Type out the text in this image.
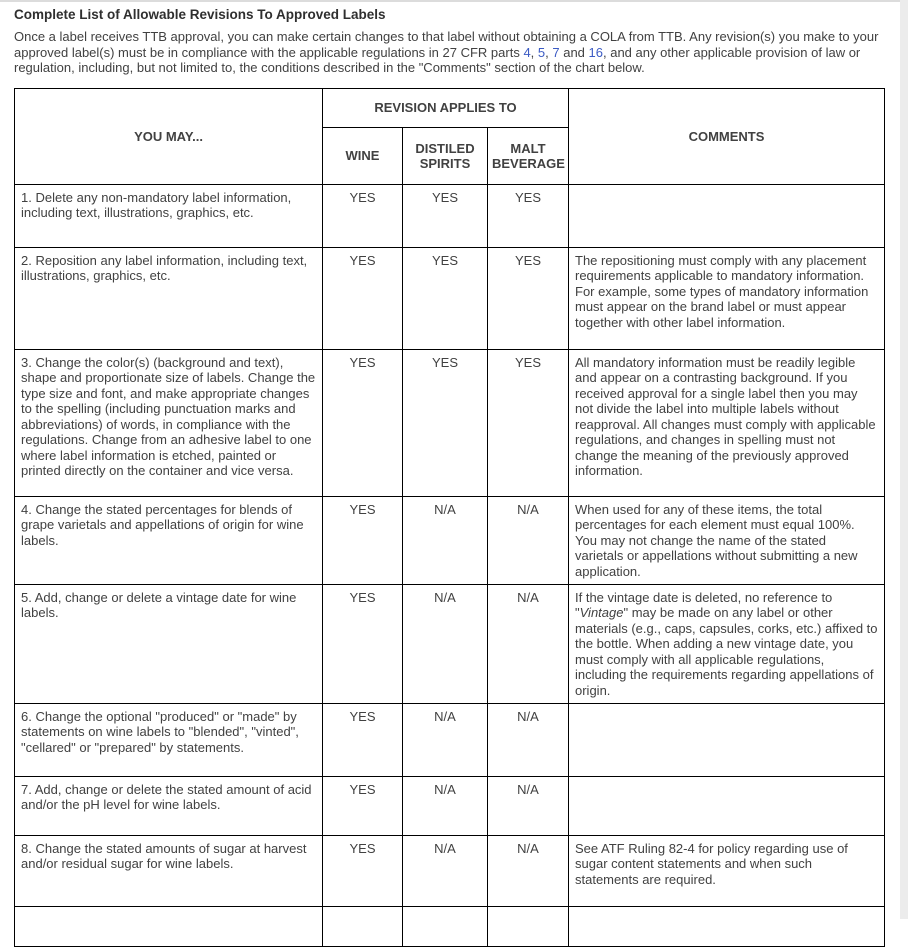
Complete List of Allowable Revisions To Approved Labels

Once a label receives TTB approval, you can make certain changes to that label without obtaining a COLA from TTB. Any revision(s) you make to your approved label(s) must be in compliance with the applicable regulations in 27 CFR parts 4, 5, 7 and 16, and any other applicable provision of law or regulation, including, but not limited to, the conditions described in the "Comments" section of the chart below.

YOU MAY...	REVISION APPLIES TO			COMMENTS
	WINE	DISTILED SPIRITS	MALT BEVERAGE	
1. Delete any non-mandatory label information, including text, illustrations, graphics, etc.	YES	YES	YES	
2. Reposition any label information, including text, illustrations, graphics, etc.	YES	YES	YES	The repositioning must comply with any placement requirements applicable to mandatory information. For example, some types of mandatory information must appear on the brand label or must appear together with other label information.
3. Change the color(s) (background and text), shape and proportionate size of labels. Change the type size and font, and make appropriate changes to the spelling (including punctuation marks and abbreviations) of words, in compliance with the regulations. Change from an adhesive label to one where label information is etched, painted or printed directly on the container and vice versa.	YES	YES	YES	All mandatory information must be readily legible and appear on a contrasting background. If you received approval for a single label then you may not divide the label into multiple labels without reapproval. All changes must comply with applicable regulations, and changes in spelling must not change the meaning of the previously approved information.
4. Change the stated percentages for blends of grape varietals and appellations of origin for wine labels.	YES	N/A	N/A	When used for any of these items, the total percentages for each element must equal 100%. You may not change the name of the stated varietals or appellations without submitting a new application.
5. Add, change or delete a vintage date for wine labels.	YES	N/A	N/A	If the vintage date is deleted, no reference to "Vintage" may be made on any label or other materials (e.g., caps, capsules, corks, etc.) affixed to the bottle. When adding a new vintage date, you must comply with all applicable regulations, including the requirements regarding appellations of origin.
6. Change the optional "produced" or "made" by statements on wine labels to "blended", "vinted", "cellared" or "prepared" by statements.	YES	N/A	N/A	
7. Add, change or delete the stated amount of acid and/or the pH level for wine labels.	YES	N/A	N/A	
8. Change the stated amounts of sugar at harvest and/or residual sugar for wine labels.	YES	N/A	N/A	See ATF Ruling 82-4 for policy regarding use of sugar content statements and when such statements are required.
